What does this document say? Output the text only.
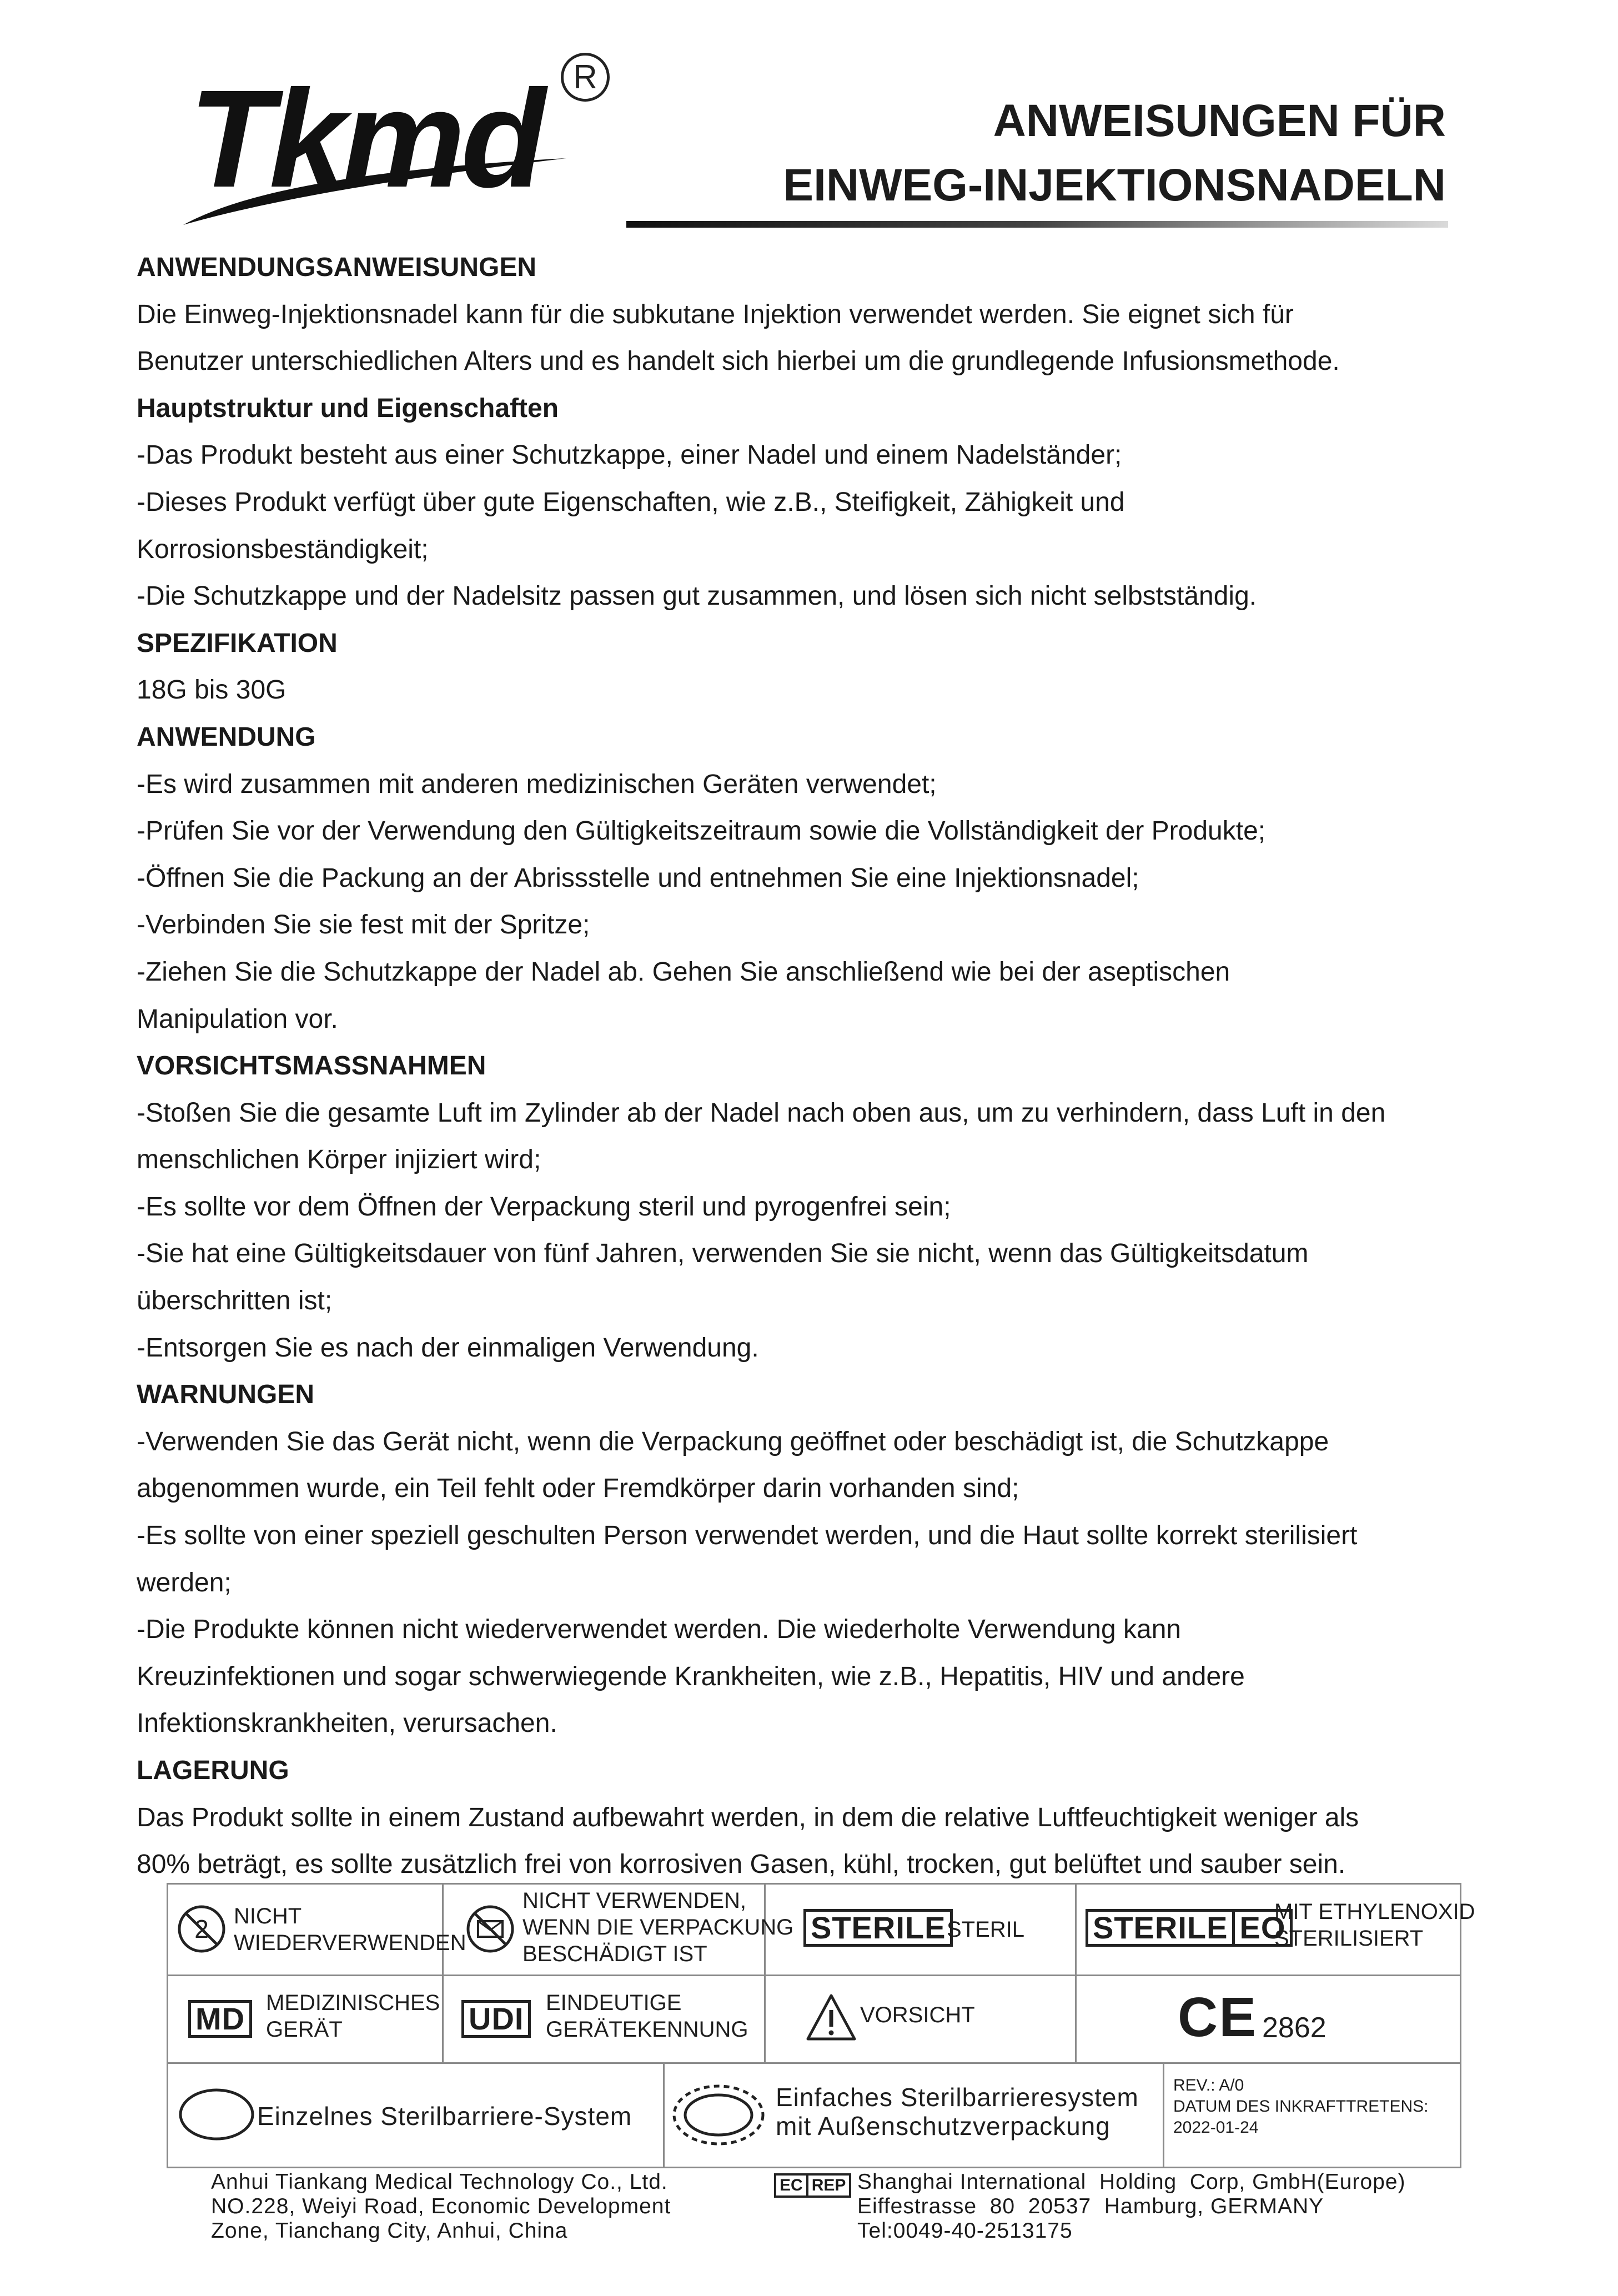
Tkmd R
ANWEISUNGEN FÜR
EINWEG-INJEKTIONSNADELN

ANWENDUNGSANWEISUNGEN

Die Einweg-Injektionsnadel kann für die subkutane Injektion verwendet werden. Sie eignet sich für

Benutzer unterschiedlichen Alters und es handelt sich hierbei um die grundlegende Infusionsmethode.

Hauptstruktur und Eigenschaften

-Das Produkt besteht aus einer Schutzkappe, einer Nadel und einem Nadelständer;

-Dieses Produkt verfügt über gute Eigenschaften, wie z.B., Steifigkeit, Zähigkeit und

Korrosionsbeständigkeit;

-Die Schutzkappe und der Nadelsitz passen gut zusammen, und lösen sich nicht selbstständig.

SPEZIFIKATION

18G bis 30G

ANWENDUNG

-Es wird zusammen mit anderen medizinischen Geräten verwendet;

-Prüfen Sie vor der Verwendung den Gültigkeitszeitraum sowie die Vollständigkeit der Produkte;

-Öffnen Sie die Packung an der Abrissstelle und entnehmen Sie eine Injektionsnadel;

-Verbinden Sie sie fest mit der Spritze;

-Ziehen Sie die Schutzkappe der Nadel ab. Gehen Sie anschließend wie bei der aseptischen

Manipulation vor.

VORSICHTSMASSNAHMEN

-Stoßen Sie die gesamte Luft im Zylinder ab der Nadel nach oben aus, um zu verhindern, dass Luft in den

menschlichen Körper injiziert wird;

-Es sollte vor dem Öffnen der Verpackung steril und pyrogenfrei sein;

-Sie hat eine Gültigkeitsdauer von fünf Jahren, verwenden Sie sie nicht, wenn das Gültigkeitsdatum

überschritten ist;

-Entsorgen Sie es nach der einmaligen Verwendung.

WARNUNGEN

-Verwenden Sie das Gerät nicht, wenn die Verpackung geöffnet oder beschädigt ist, die Schutzkappe

abgenommen wurde, ein Teil fehlt oder Fremdkörper darin vorhanden sind;

-Es sollte von einer speziell geschulten Person verwendet werden, und die Haut sollte korrekt sterilisiert

werden;

-Die Produkte können nicht wiederverwendet werden. Die wiederholte Verwendung kann

Kreuzinfektionen und sogar schwerwiegende Krankheiten, wie z.B., Hepatitis, HIV und andere

Infektionskrankheiten, verursachen.

LAGERUNG

Das Produkt sollte in einem Zustand aufbewahrt werden, in dem die relative Luftfeuchtigkeit weniger als

80% beträgt, es sollte zusätzlich frei von korrosiven Gasen, kühl, trocken, gut belüftet und sauber sein.

2 NICHT
WIEDERVERWENDEN
NICHT VERWENDEN,
WENN DIE VERPACKUNG
BESCHÄDIGT IST
STERILE STERIL STERILE EO
MIT ETHYLENOXID
STERILISIERT
MD MEDIZINISCHES
GERÄT	UDI EINDEUTIGE
GERÄTEKENNUNG
VORSICHT	CE 2862
Einzelnes Sterilbarriere-System
Einfaches Sterilbarrieresystem
mit Außenschutzverpackung
REV.: A/0
DATUM DES INKRAFTTRETENS:
2022-01-24
Anhui Tiankang Medical Technology Co., Ltd.
NO.228, Weiyi Road, Economic Development
Zone, Tianchang City, Anhui, China
EC REP Shanghai International  Holding  Corp, GmbH(Europe)
Eiffestrasse  80  20537  Hamburg, GERMANY
Tel:0049-40-2513175
